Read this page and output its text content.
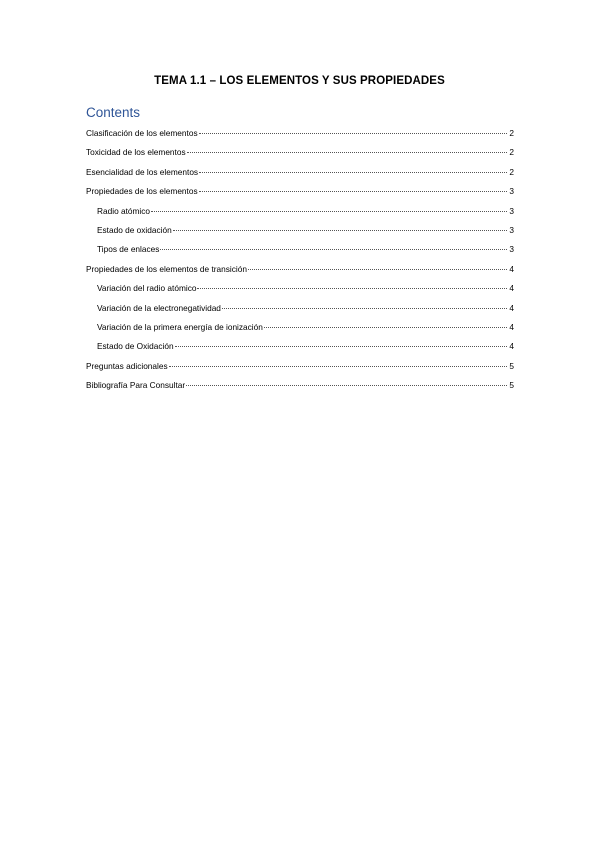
TEMA 1.1 – LOS ELEMENTOS Y SUS PROPIEDADES
Contents
Clasificación de los elementos	2
Toxicidad de los elementos	2
Esencialidad de los elementos	2
Propiedades de los elementos	3
Radio atómico	3
Estado de oxidación	3
Tipos de enlaces	3
Propiedades de los elementos de transición	4
Variación del radio atómico	4
Variación de la electronegatividad	4
Variación de la primera energía de ionización	4
Estado de Oxidación	4
Preguntas adicionales	5
Bibliografía Para Consultar	5
